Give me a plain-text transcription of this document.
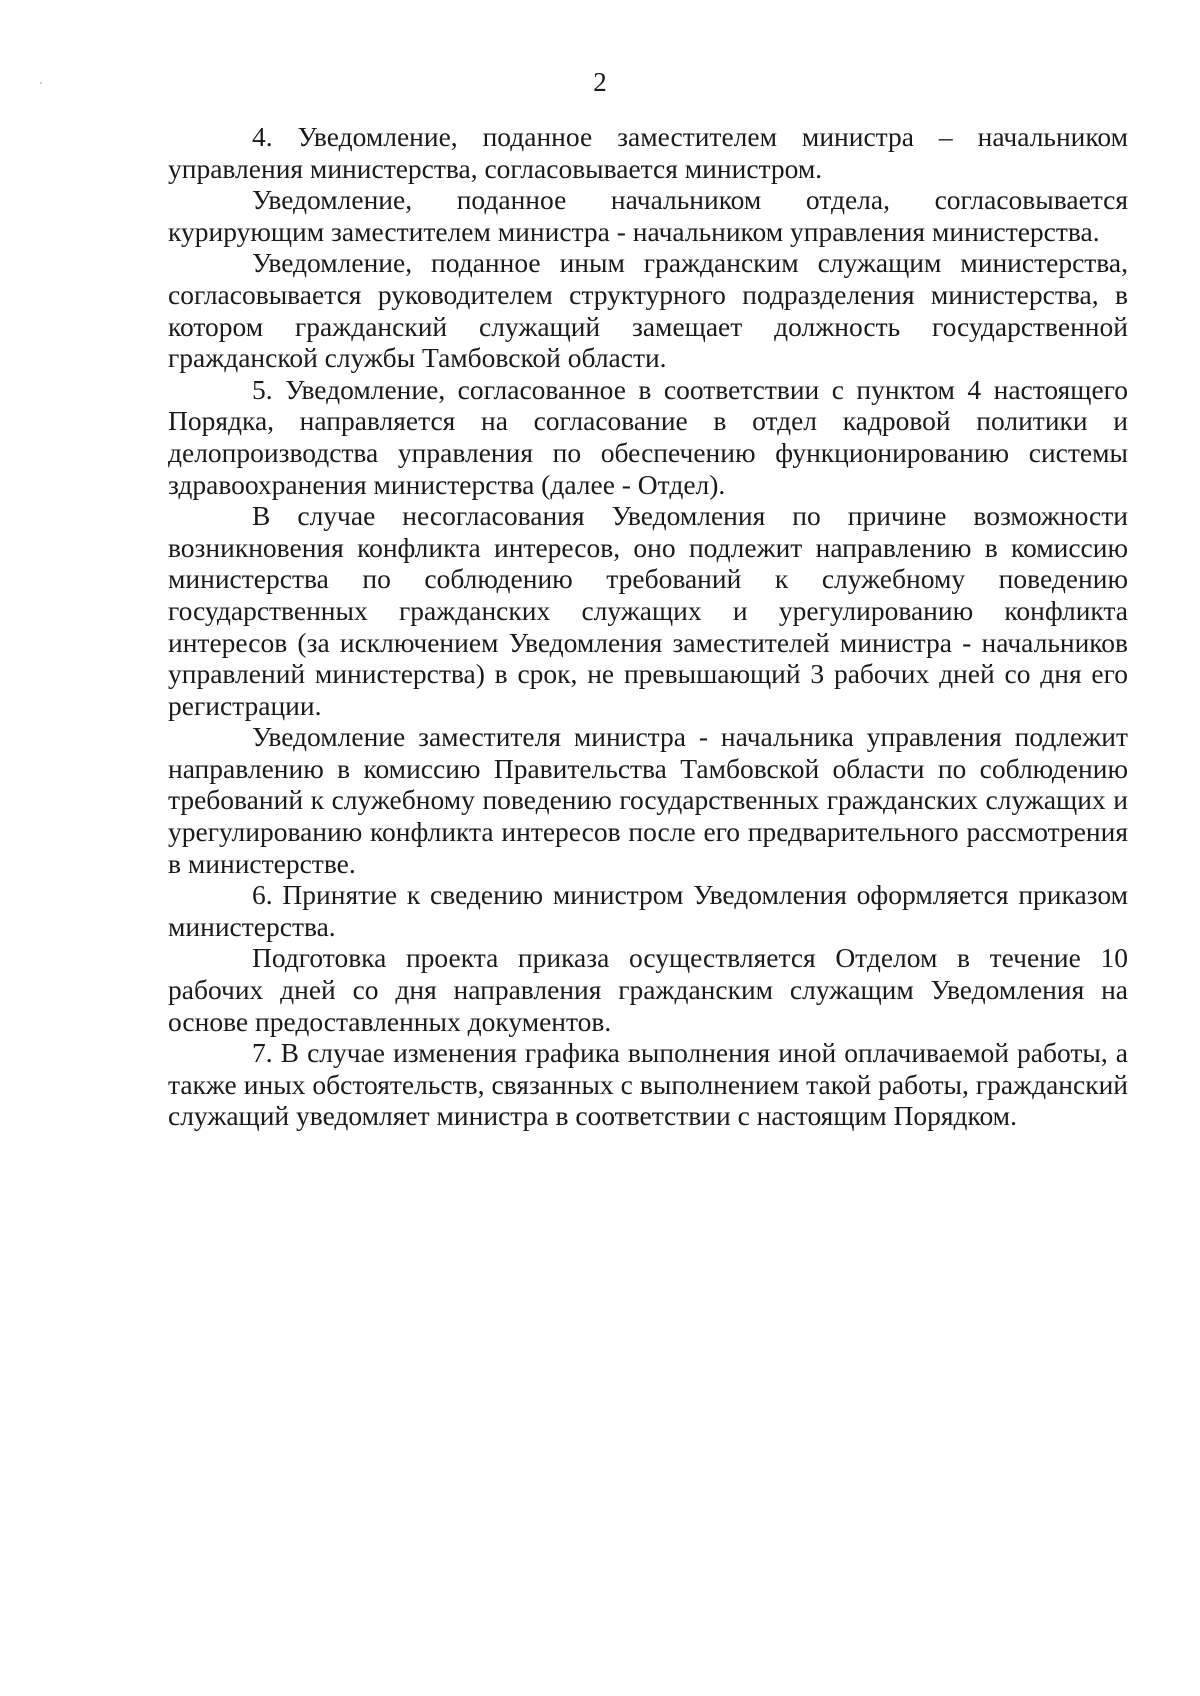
2

4. Уведомление, поданное заместителем министра – начальником управления министерства, согласовывается министром.

Уведомление, поданное начальником отдела, согласовывается курирующим заместителем министра - начальником управления министерства.

Уведомление, поданное иным гражданским служащим министерства, согласовывается руководителем структурного подразделения министерства, в котором гражданский служащий замещает должность государственной гражданской службы Тамбовской области.

5. Уведомление, согласованное в соответствии с пунктом 4 настоящего Порядка, направляется на согласование в отдел кадровой политики и делопроизводства управления по обеспечению функционированию системы здравоохранения министерства (далее - Отдел).

В случае несогласования Уведомления по причине возможности возникновения конфликта интересов, оно подлежит направлению в комиссию министерства по соблюдению требований к служебному поведению государственных гражданских служащих и урегулированию конфликта интересов (за исключением Уведомления заместителей министра - начальников управлений министерства) в срок, не превышающий 3 рабочих дней со дня его регистрации.

Уведомление заместителя министра - начальника управления подлежит направлению в комиссию Правительства Тамбовской области по соблюдению требований к служебному поведению государственных гражданских служащих и урегулированию конфликта интересов после его предварительного рассмотрения в министерстве.

6. Принятие к сведению министром Уведомления оформляется приказом министерства.

Подготовка проекта приказа осуществляется Отделом в течение 10 рабочих дней со дня направления гражданским служащим Уведомления на основе предоставленных документов.

7. В случае изменения графика выполнения иной оплачиваемой работы, а также иных обстоятельств, связанных с выполнением такой работы, гражданский служащий уведомляет министра в соответствии с настоящим Порядком.
